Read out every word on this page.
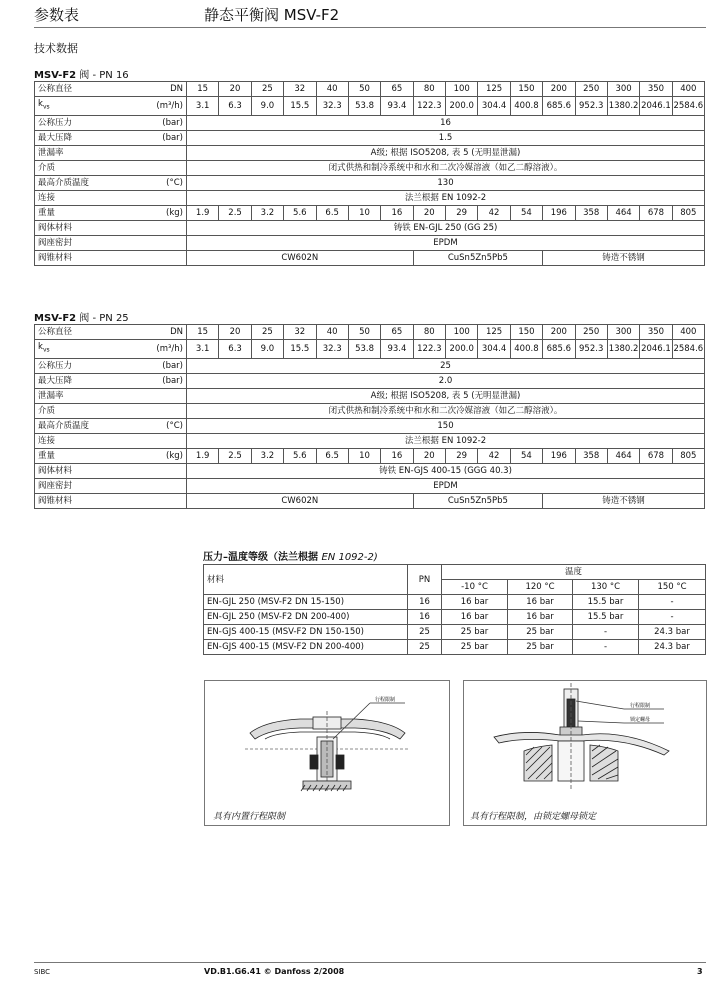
参数表	静态平衡阀 MSV-F2
技术数据
MSV-F2 阀 - PN 16
公称直径	DN	15	20	25	32	40	50	65	80	100	125	150	200	250	300	350	400
$k_{vs}$	(m³/h)	3.1	6.3	9.0	15.5	32.3	53.8	93.4	122.3	200.0	304.4	400.8	685.6	952.3	1380.2	2046.1	2584.6
公称压力	(bar)	16															
最大压降	(bar)	1.5															
泄漏率		A级; 根据 ISO5208, 表 5 (无明显泄漏)															
介质		闭式供热和制冷系统中和水和二次冷媒溶液（如乙二醇溶液）。															
最高介质温度	(°C)	130															
连接		法兰根据 EN 1092-2															
重量	(kg)	1.9	2.5	3.2	5.6	6.5	10	16	20	29	42	54	196	358	464	678	805
阀体材料		铸铁 EN-GJL 250 (GG 25)															
阀座密封		EPDM															
阀锥材料		CW602N							CuSn5Zn5Pb5				铸造不锈钢				
MSV-F2 阀 - PN 25
公称直径	DN	15	20	25	32	40	50	65	80	100	125	150	200	250	300	350	400
$k_{vs}$	(m³/h)	3.1	6.3	9.0	15.5	32.3	53.8	93.4	122.3	200.0	304.4	400.8	685.6	952.3	1380.2	2046.1	2584.6
公称压力	(bar)	25															
最大压降	(bar)	2.0															
泄漏率		A级; 根据 ISO5208, 表 5 (无明显泄漏)															
介质		闭式供热和制冷系统中和水和二次冷媒溶液（如乙二醇溶液）。															
最高介质温度	(°C)	150															
连接		法兰根据 EN 1092-2															
重量	(kg)	1.9	2.5	3.2	5.6	6.5	10	16	20	29	42	54	196	358	464	678	805
阀体材料		铸铁 EN-GJS 400-15 (GGG 40.3)															
阀座密封		EPDM															
阀锥材料		CW602N							CuSn5Zn5Pb5				铸造不锈钢				
压力–温度等级（法兰根据 EN 1092-2)
材料	PN	温度			
		-10 °C	120 °C	130 °C	150 °C
EN-GJL 250 (MSV-F2 DN 15-150)	16	16 bar	16 bar	15.5 bar	-
EN-GJL 250 (MSV-F2 DN 200-400)	16	16 bar	16 bar	15.5 bar	-
EN-GJS 400-15 (MSV-F2 DN 150-150)	25	25 bar	25 bar	-	24.3 bar
EN-GJS 400-15 (MSV-F2 DN 200-400)	25	25 bar	25 bar	-	24.3 bar
行程限制
具有内置行程限制
行程限制
锁定螺母
具有行程限制，由锁定螺母锁定
SIBC	VD.B1.G6.41 © Danfoss 2/2008	3
